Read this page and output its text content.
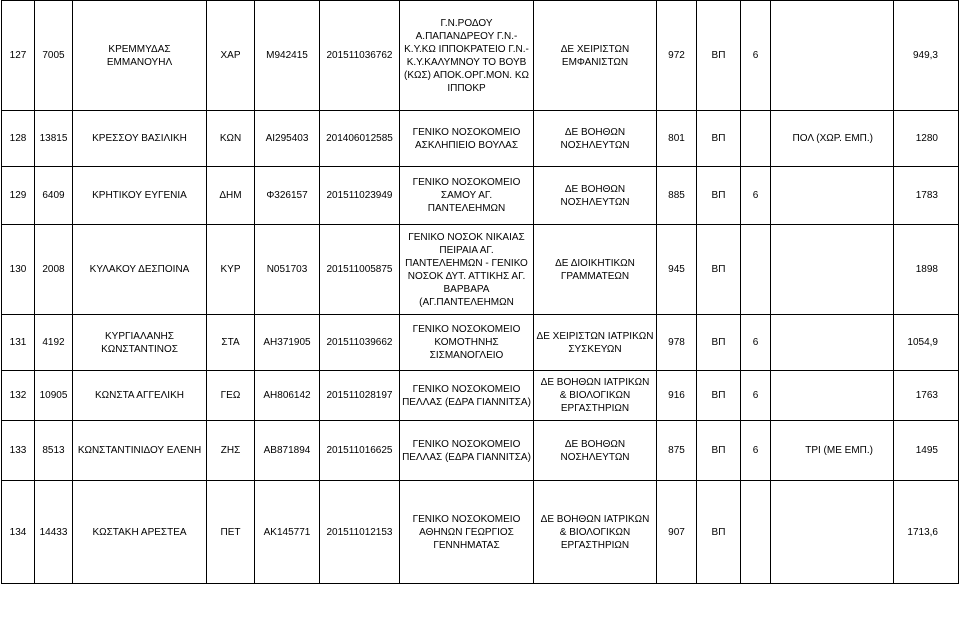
127	7005	ΚΡΕΜΜΥΔΑΣ ΕΜΜΑΝΟΥΗΛ	ΧΑΡ	Μ942415	201511036762	Γ.Ν.ΡΟΔΟΥ Α.ΠΑΠΑΝΔΡΕΟΥ Γ.Ν.-Κ.Υ.ΚΩ ΙΠΠΟΚΡΑΤΕΙΟ Γ.Ν.-Κ.Υ.ΚΑΛΥΜΝΟΥ ΤΟ ΒΟΥΒ (ΚΩΣ) ΑΠΟΚ.ΟΡΓ.ΜΟΝ. ΚΩ ΙΠΠΟΚΡ	ΔΕ ΧΕΙΡΙΣΤΩΝ ΕΜΦΑΝΙΣΤΩΝ	972	ΒΠ	6		949,3
128	13815	ΚΡΕΣΣΟΥ ΒΑΣΙΛΙΚΗ	ΚΩΝ	ΑΙ295403	201406012585	ΓΕΝΙΚΟ ΝΟΣΟΚΟΜΕΙΟ ΑΣΚΛΗΠΙΕΙΟ ΒΟΥΛΑΣ	ΔΕ ΒΟΗΘΩΝ ΝΟΣΗΛΕΥΤΩΝ	801	ΒΠ		ΠΟΛ (ΧΩΡ. ΕΜΠ.)	1280
129	6409	ΚΡΗΤΙΚΟΥ ΕΥΓΕΝΙΑ	ΔΗΜ	Φ326157	201511023949	ΓΕΝΙΚΟ ΝΟΣΟΚΟΜΕΙΟ ΣΑΜΟΥ ΑΓ. ΠΑΝΤΕΛΕΗΜΩΝ	ΔΕ ΒΟΗΘΩΝ ΝΟΣΗΛΕΥΤΩΝ	885	ΒΠ	6		1783
130	2008	ΚΥΛΑΚΟΥ ΔΕΣΠΟΙΝΑ	ΚΥΡ	Ν051703	201511005875	ΓΕΝΙΚΟ ΝΟΣΟΚ ΝΙΚΑΙΑΣ ΠΕΙΡΑΙΑ ΑΓ. ΠΑΝΤΕΛΕΗΜΩΝ - ΓΕΝΙΚΟ ΝΟΣΟΚ ΔΥΤ. ΑΤΤΙΚΗΣ ΑΓ. ΒΑΡΒΑΡΑ (ΑΓ.ΠΑΝΤΕΛΕΗΜΩΝ	ΔΕ ΔΙΟΙΚΗΤΙΚΩΝ ΓΡΑΜΜΑΤΕΩΝ	945	ΒΠ			1898
131	4192	ΚΥΡΓΙΑΛΑΝΗΣ ΚΩΝΣΤΑΝΤΙΝΟΣ	ΣΤΑ	ΑΗ371905	201511039662	ΓΕΝΙΚΟ ΝΟΣΟΚΟΜΕΙΟ ΚΟΜΟΤΗΝΗΣ ΣΙΣΜΑΝΟΓΛΕΙΟ	ΔΕ ΧΕΙΡΙΣΤΩΝ ΙΑΤΡΙΚΩΝ ΣΥΣΚΕΥΩΝ	978	ΒΠ	6		1054,9
132	10905	ΚΩΝΣΤΑ ΑΓΓΕΛΙΚΗ	ΓΕΩ	ΑΗ806142	201511028197	ΓΕΝΙΚΟ ΝΟΣΟΚΟΜΕΙΟ ΠΕΛΛΑΣ (ΕΔΡΑ ΓΙΑΝΝΙΤΣΑ)	ΔΕ ΒΟΗΘΩΝ ΙΑΤΡΙΚΩΝ & ΒΙΟΛΟΓΙΚΩΝ ΕΡΓΑΣΤΗΡΙΩΝ	916	ΒΠ	6		1763
133	8513	ΚΩΝΣΤΑΝΤΙΝΙΔΟΥ ΕΛΕΝΗ	ΖΗΣ	ΑΒ871894	201511016625	ΓΕΝΙΚΟ ΝΟΣΟΚΟΜΕΙΟ ΠΕΛΛΑΣ (ΕΔΡΑ ΓΙΑΝΝΙΤΣΑ)	ΔΕ ΒΟΗΘΩΝ ΝΟΣΗΛΕΥΤΩΝ	875	ΒΠ	6	ΤΡΙ (ΜΕ ΕΜΠ.)	1495
134	14433	ΚΩΣΤΑΚΗ ΑΡΕΣΤΕΑ	ΠΕΤ	ΑΚ145771	201511012153	ΓΕΝΙΚΟ ΝΟΣΟΚΟΜΕΙΟ ΑΘΗΝΩΝ ΓΕΩΡΓΙΟΣ ΓΕΝΝΗΜΑΤΑΣ	ΔΕ ΒΟΗΘΩΝ ΙΑΤΡΙΚΩΝ & ΒΙΟΛΟΓΙΚΩΝ ΕΡΓΑΣΤΗΡΙΩΝ	907	ΒΠ			1713,6
